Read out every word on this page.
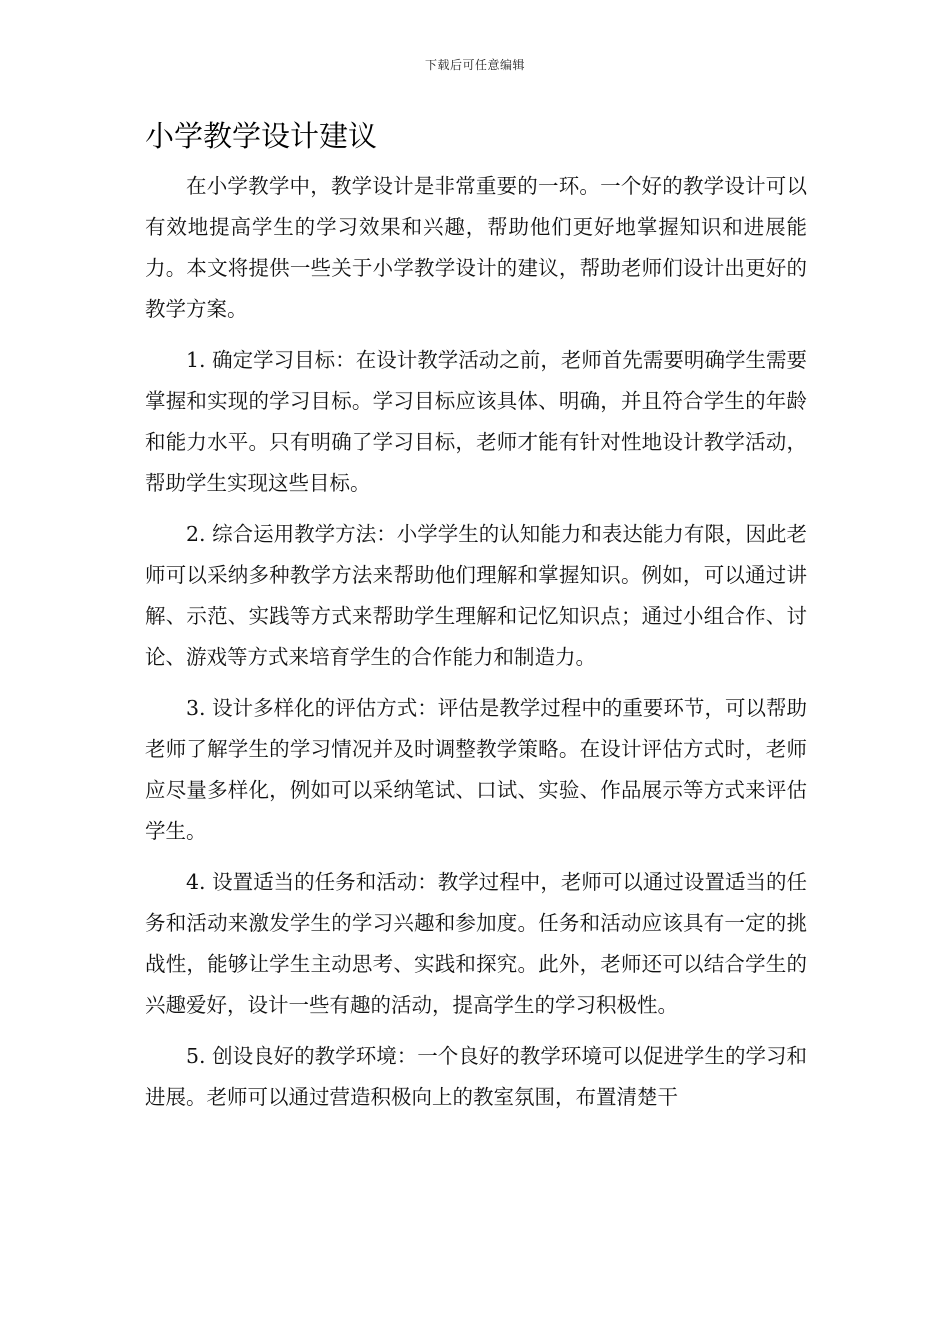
下载后可任意编辑
小学教学设计建议

在小学教学中，教学设计是非常重要的一环。一个好的教学设计可以有效地提高学生的学习效果和兴趣，帮助他们更好地掌握知识和进展能力。本文将提供一些关于小学教学设计的建议，帮助老师们设计出更好的教学方案。

1. 确定学习目标：在设计教学活动之前，老师首先需要明确学生需要掌握和实现的学习目标。学习目标应该具体、明确，并且符合学生的年龄和能力水平。只有明确了学习目标，老师才能有针对性地设计教学活动，帮助学生实现这些目标。

2. 综合运用教学方法：小学学生的认知能力和表达能力有限，因此老师可以采纳多种教学方法来帮助他们理解和掌握知识。例如，可以通过讲解、示范、实践等方式来帮助学生理解和记忆知识点；通过小组合作、讨论、游戏等方式来培育学生的合作能力和制造力。

3. 设计多样化的评估方式：评估是教学过程中的重要环节，可以帮助老师了解学生的学习情况并及时调整教学策略。在设计评估方式时，老师应尽量多样化，例如可以采纳笔试、口试、实验、作品展示等方式来评估学生。

4. 设置适当的任务和活动：教学过程中，老师可以通过设置适当的任务和活动来激发学生的学习兴趣和参加度。任务和活动应该具有一定的挑战性，能够让学生主动思考、实践和探究。此外，老师还可以结合学生的兴趣爱好，设计一些有趣的活动，提高学生的学习积极性。

5. 创设良好的教学环境：一个良好的教学环境可以促进学生的学习和进展。老师可以通过营造积极向上的教室氛围，布置清楚干
